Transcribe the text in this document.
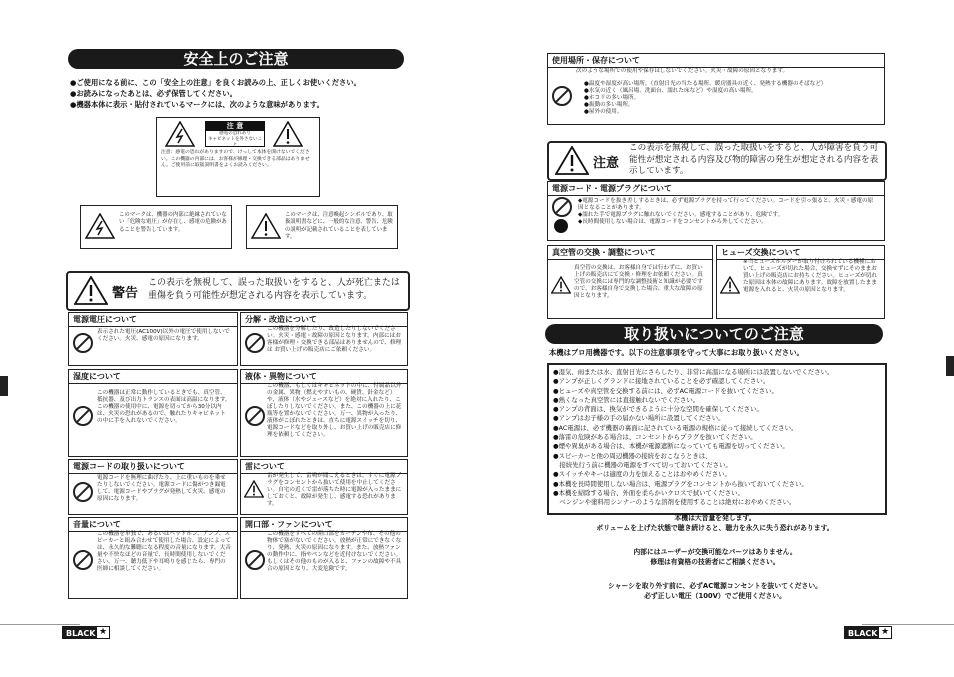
安全上のご注意
●ご使用になる前に、この「安全上の注意」を良くお読みの上、正しくお使いください。
●お読みになったあとは、必ず保管してください。
●機器本体に表示・貼付されているマークには、次のような意味があります。
注 意
感電の恐れあり
キャビネットを外さないこと
注意：感電の恐れがありますので、けっして本体を開けないでください。この機器の内部には、お客様が修理・交換できる部品はありません。ご使用前に取扱説明書をよくお読みください。
このマークは、機器の内部に絶縁されていない「危険な電圧」が存在し、感電の危険があることを警告しています。
このマークは、注意喚起シンボルであり、取扱説明書などに、一般的な注意、警告、危険の説明が記載されていることを表しています。
警告
この表示を無視して、誤った取扱いをすると、人が死亡または重傷を負う可能性が想定される内容を表示しています。
電源電圧について
表示された電圧(AC100V)以外の電圧で使用しないでください。火災、感電の原因になります。
分解・改造について
この機器を分解したり、改造したりしないでください。火災・感電・故障の原因となります。内部にはお客様が修理・交換できる部品はありませんので、修理は お買い上げの販売店にご依頼ください。
湿度について
この機器は正常に動作しているときでも、真空管、抵抗器、及び出力トランスの表面は高温になります。この機器の使用中に、電源を切ってから30分以内は、火災の恐れがあるので、触れたりキャビネットの中に手を入れないでください。
液体・異物について
この機器、もしくはキャビネットの中に、付属品以外の金属、異物（燃えやすいもの、硬貨、針金など）や、液体（水やジュースなど）を絶対に入れたり、こぼしたりしないでください。また、この機器の上に花瓶等を置かないでください。万一、異物が入ったり、液体がこぼれたときは、直ちに電源スイッチを切り、電源コードなどを取り外し、お買い上げの販売店に修理を依頼してください。
電源コードの取り扱いについて
電源コードを無理に曲げたり、上に重いものを乗せたりしないでください。電源コードに傷がつき漏電して、電源コードやプラグが発熱して火災、感電の原因になります。
雷について
雷が発生して、雷鳴が聞こえるときは、すぐに電源プラグをコンセントから抜いて使用を中止してください。自宅の近くで雷が落ちた時に電源が入ったままにしておくと、故障が発生し、感電する恐れがあります。
音量について
この機器を単独で、あるいはヘッドホン、アンプ、スピーカーと組み合わせて使用した場合、設定によっては、永久的な難聴になる程度の音量になります。大音量や不快なほどの音量で、長時間使用しないでください。万一、聴力低下や耳鳴りを感じたら、専門の医師に相談してください。
開口部・ファンについて
この機器をすべての開口部をカーテンや布、その他の物体で塞がないでください。放熱が正常にできなくなり、発熱、火災の原因になります。また、放熱ファンの動作中に、指やペンなどを近付けないでください。もしくはその他のものが入ると、ファンの故障や不具合の原因となり、大変危険です。
BLACK ★
使用場所・保存について
次のような場所での使用や保存はしないでください。火災・故障の原因となります。
●温度や湿度が高い場所。（直射日光の当たる場所、暖房器具の近く、発熱する機器のそばなど）
●水気の近く（風呂場、洗面台、濡れた床など）や湿度の高い場所。
●ホコリの多い場所。
●振動の多い場所。
●屋外の使用。
注意
この表示を無視して、誤った取扱いをすると、人が障害を負う可能性が想定される内容及び物的障害の発生が想定される内容を表示しています。
電源コード・電源プラグについて
◆電源コードを抜き差しするときは、必ず電源プラグを持って行ってください。コードを引っ張ると、火災・感電の原因となることがあります。
◆濡れた手で電源プラグに触れないでください。感電することがあり、危険です。
◆長時間使用しない場合は、電源コードをコンセントから外してください。
真空管の交換・調整について
真空管の交換は、お客様自身では行わずに、お買い上げの販売店にて交換・修理をお依頼ください。真空管の交換には専門的な調整技術と知識が必要ですので、お客様自身で交換した場合、重大な故障の原因となります。
ヒューズ交換について
※当ヒューズホルダーが取り付けられている機種において、ヒューズが切れた場合、交換せずにそのままお買い上げの販売店にお持ちください。ヒューズが切れた原因は本体の故障にあります。故障を放置したまま電源を入れると、火災の原因となります。
取り扱いについてのご注意
本機はプロ用機器です。以下の注意事項を守って大事にお取り扱いください。
●湿気、雨または水、直射日光にさらしたり、非常に高温になる場所には設置しないでください。
●アンプが正しくグランドに接地されていることを必ず確認してください。
●ヒューズや真空管を交換する前には、必ずAC電源コードを抜いてください。
●熱くなった真空管には直接触れないでください。
●アンプの背面は、換気ができるように十分な空間を確保してください。
●アンプはお子様の手の届かない場所に設置してください。
●AC電源は、必ず機器の裏面に記されている電源の規格に従って接続してください。
●落雷の危険がある場合は、コンセントからプラグを抜いてください。
●煙や異臭がある場合は、本機が電源遮断になっていても電源を切ってください。
●スピーカーと他の周辺機器の接続をおこなうときは、
　接続先行う前に機器の電源をすべて切っておいてください。
●スイッチやキーは適度の力を加えることはおやめください。
●本機を長時間使用しない場合は、電源プラグをコンセントから抜いておいてください。
●本機を掃除する場合、外面を柔らかいクロスで拭いてください。
　ベンジンや塗料用シンナーのような溶剤を使用することは絶対におやめください。
本機は大音量を発します。
ボリュームを上げた状態で聴き続けると、聴力を永久に失う恐れがあります。
内部にはユーザーが交換可能なパーツはありません。
修理は有資格の技術者にご相談ください。
シャーシを取り外す前に、必ずAC電源コンセントを抜いてください。
必ず正しい電圧（100V）でご使用ください。
BLACK ★
